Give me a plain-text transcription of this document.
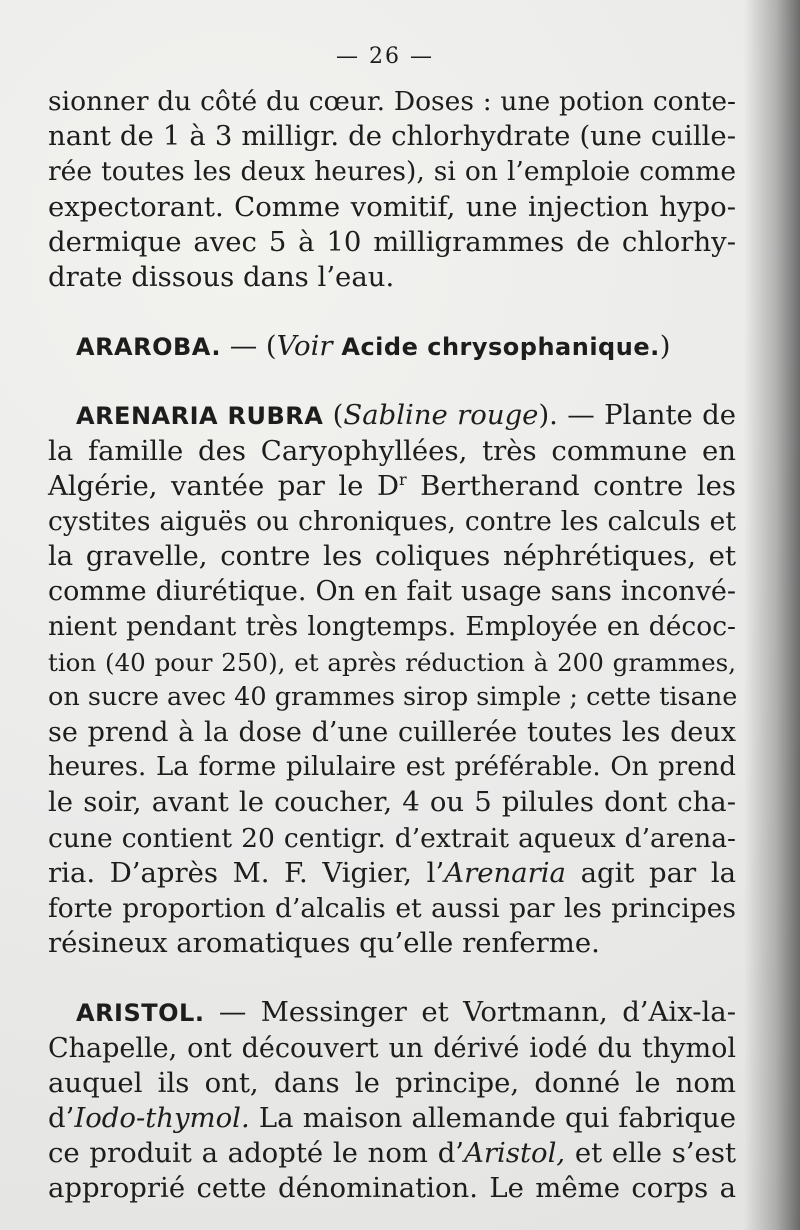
— 26 —
sionner du côté du cœur. Doses : une potion conte-
nant de 1 à 3 milligr. de chlorhydrate (une cuille-
rée toutes les deux heures), si on l’emploie comme
expectorant. Comme vomitif, une injection hypo-
dermique avec 5 à 10 milligrammes de chlorhy-
drate dissous dans l’eau.
ARAROBA. — (Voir Acide chrysophanique.)
ARENARIA RUBRA (Sabline rouge). — Plante de
la famille des Caryophyllées, très commune en
Algérie, vantée par le $D^r$ Bertherand contre les
cystites aiguës ou chroniques, contre les calculs et
la gravelle, contre les coliques néphrétiques, et
comme diurétique. On en fait usage sans inconvé-
nient pendant très longtemps. Employée en décoc-
tion (40 pour 250), et après réduction à 200 grammes,
on sucre avec 40 grammes sirop simple ; cette tisane
se prend à la dose d’une cuillerée toutes les deux
heures. La forme pilulaire est préférable. On prend
le soir, avant le coucher, 4 ou 5 pilules dont cha-
cune contient 20 centigr. d’extrait aqueux d’arena-
ria. D’après M. F. Vigier, l’Arenaria agit par la
forte proportion d’alcalis et aussi par les principes
résineux aromatiques qu’elle renferme.
ARISTOL. — Messinger et Vortmann, d’Aix-la-
Chapelle, ont découvert un dérivé iodé du thymol
auquel ils ont, dans le principe, donné le nom
d’Iodo-thymol. La maison allemande qui fabrique
ce produit a adopté le nom d’Aristol, et elle s’est
approprié cette dénomination. Le même corps a
